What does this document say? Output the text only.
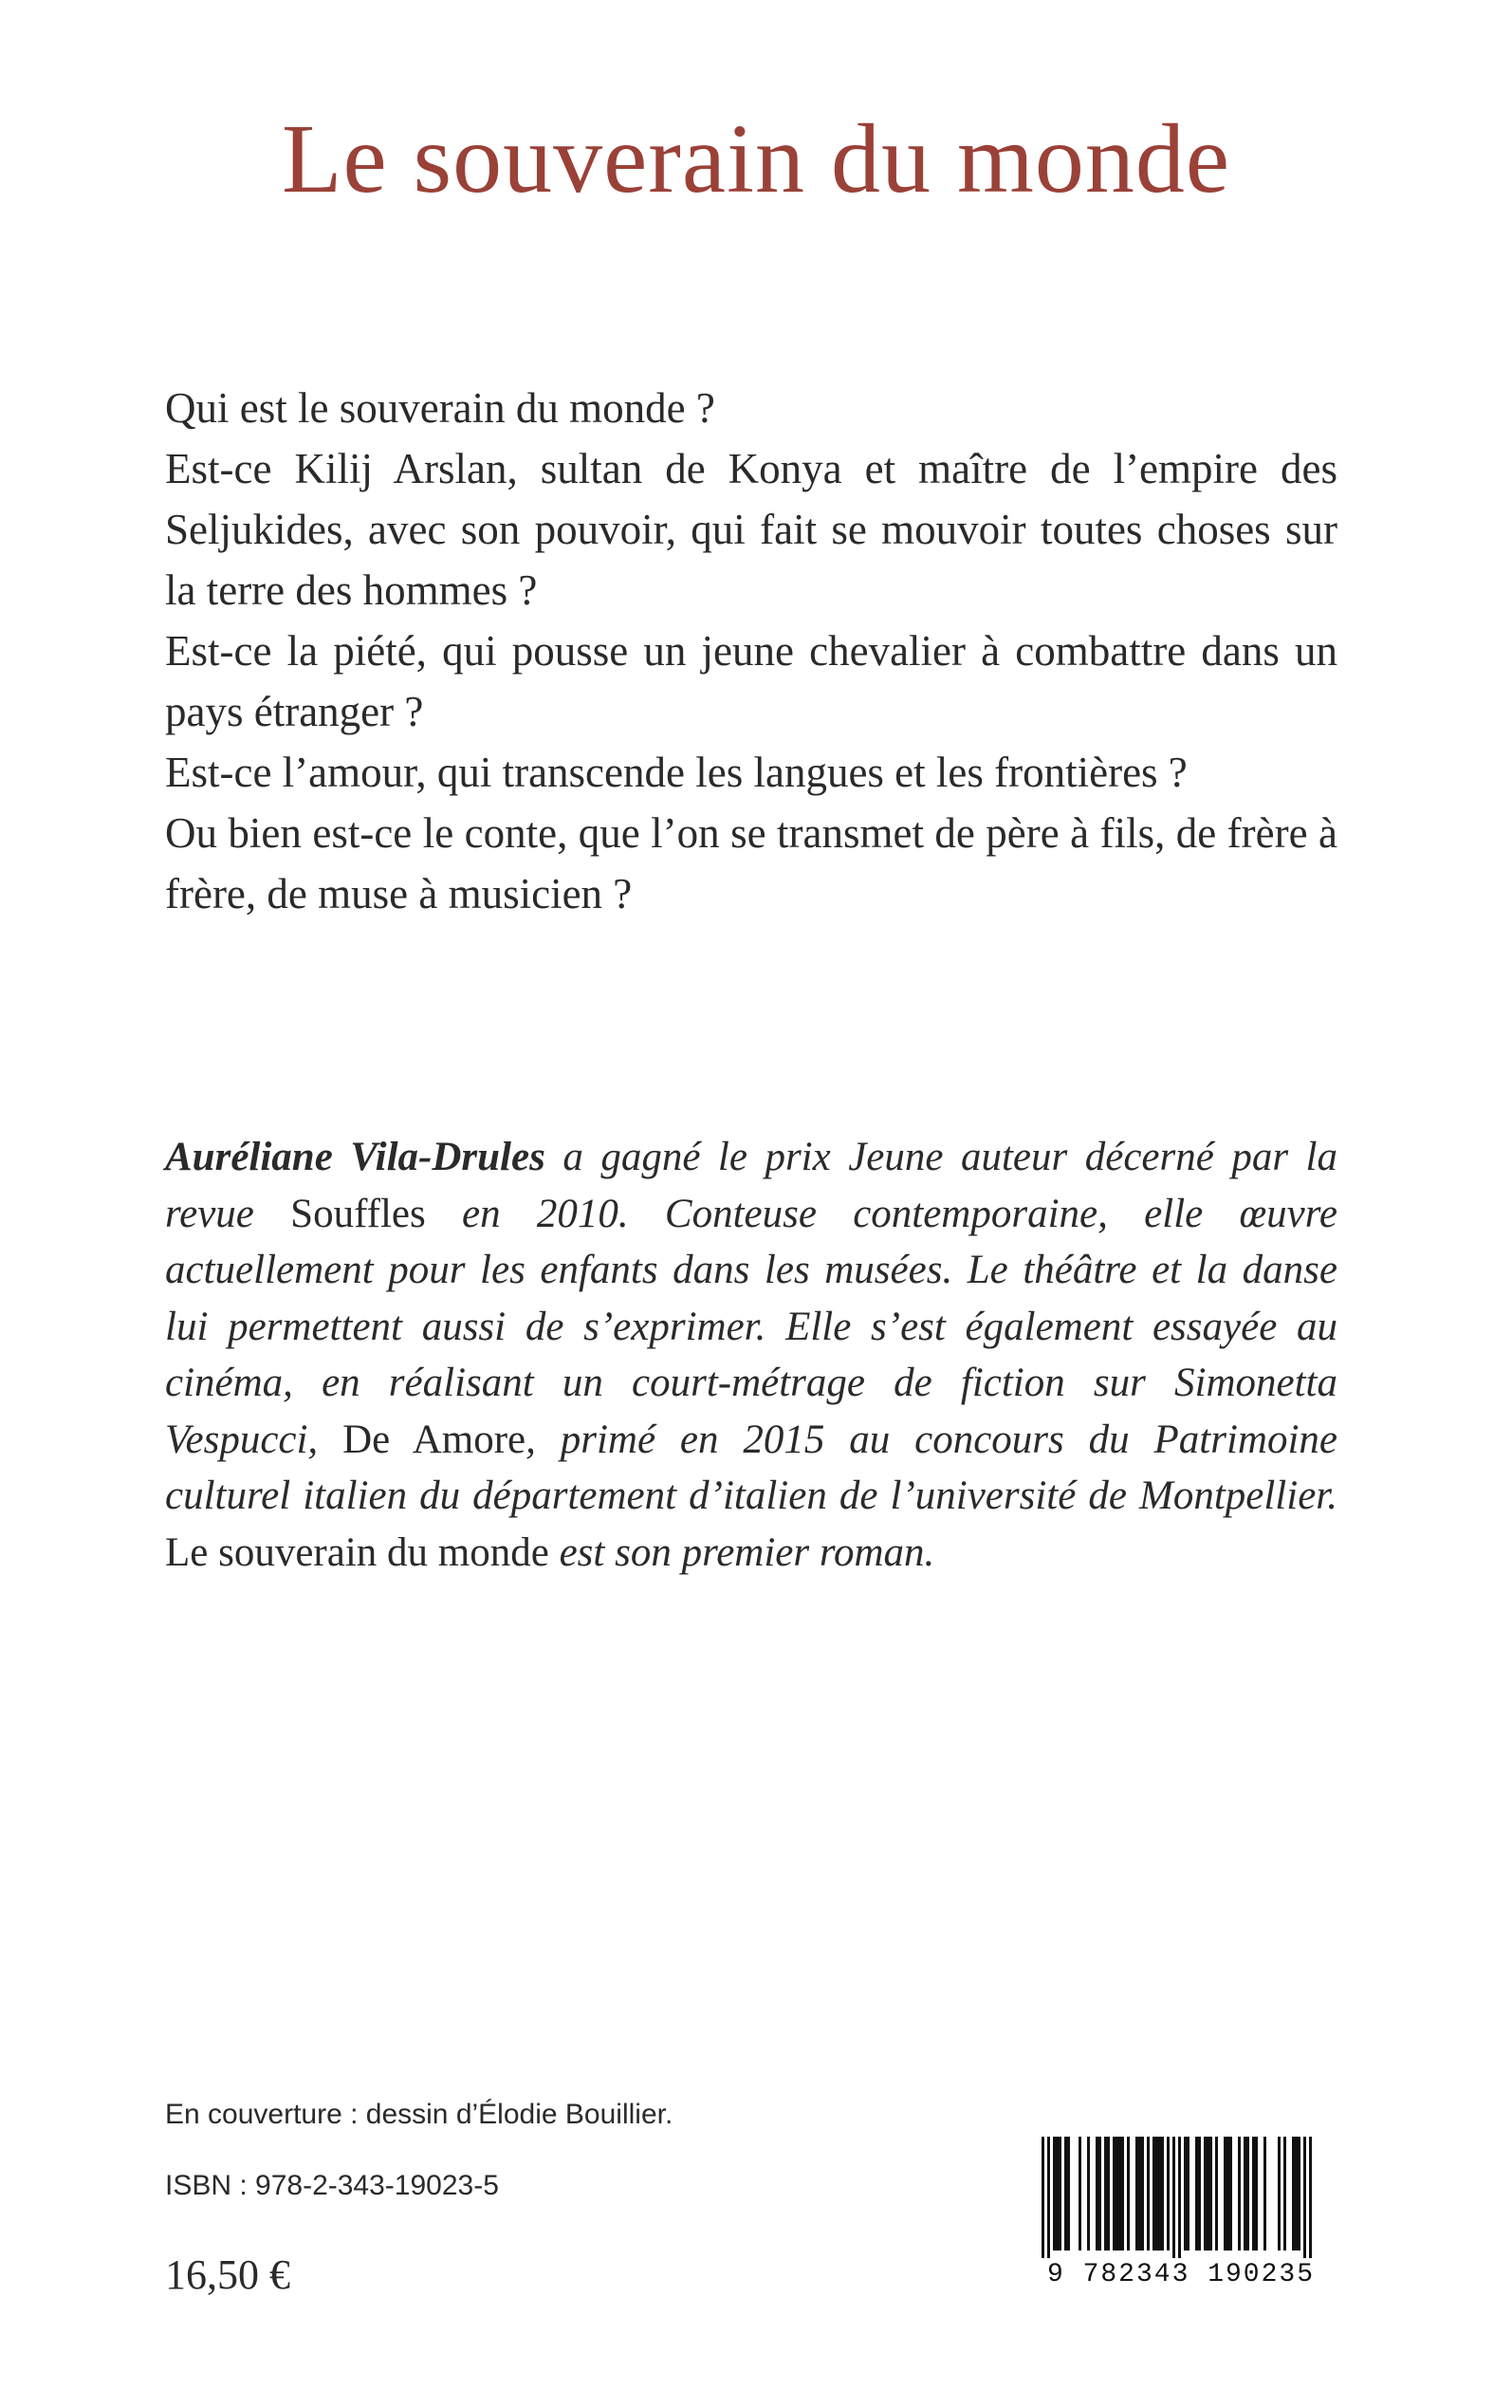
Le souverain du monde

Qui est le souverain du monde ?

Est-ce Kilij Arslan, sultan de Konya et maître de l’empire des Seljukides, avec son pouvoir, qui fait se mouvoir toutes choses sur la terre des hommes ?

Est-ce la piété, qui pousse un jeune chevalier à combattre dans un pays étranger ?

Est-ce l’amour, qui transcende les langues et les frontières ?

Ou bien est-ce le conte, que l’on se transmet de père à fils, de frère à frère, de muse à musicien ?

Auréliane Vila-Drules a gagné le prix Jeune auteur décerné par la revue Souffles en 2010. Conteuse contemporaine, elle œuvre actuellement pour les enfants dans les musées. Le théâtre et la danse lui permettent aussi de s’exprimer. Elle s’est également essayée au cinéma, en réalisant un court-métrage de fiction sur Simonetta Vespucci, De Amore, primé en 2015 au concours du Patrimoine culturel italien du département d’italien de l’université de Montpellier. Le souverain du monde est son premier roman.
En couverture : dessin d’Élodie Bouillier.
ISBN : 978-2-343-19023-5
16,50 €	9 782343 190235
